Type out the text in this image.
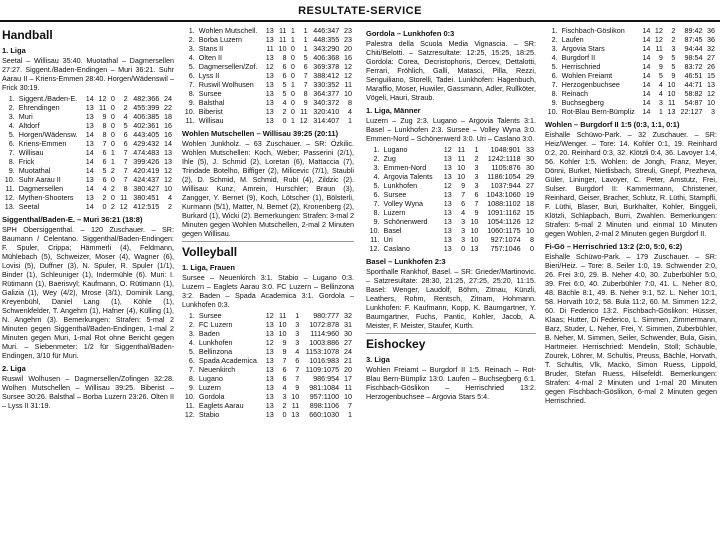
RESULTATE-SERVICE
Handball
1. Liga

Seetal – Willisau 35:40. Muotathal – Dagmersellen 27:27. Siggent./Baden-Endingen – Muri 36:21. Suhr Aarau II – Kriens-Emmen 28:40. Horgen/Wädenswil – Frick 30:19.

1.	Siggent./Baden-E.	14	12	0	2	482:366	24
2.	Ehrendingen	13	11	0	2	455:399	22
3.	Muri	13	9	0	4	406:385	18
4.	Altdorf	13	8	0	5	402:361	16
5.	Horgen/Wädensw.	14	8	0	6	443:405	16
6.	Kriens-Emmen	13	7	0	6	429:432	14
7.	Willisau	14	6	1	7	474:483	13
8.	Frick	14	6	1	7	399:426	13
9.	Muotathal	14	5	2	7	420:419	12
10.	Suhr Aarau II	13	6	0	7	424:437	12
11.	Dagmersellen	14	4	2	8	380:427	10
12.	Mythen-Shooters	13	2	0	11	380:451	4
13.	Seetal	14	0	2	12	412:515	2
Siggenthal/Baden-E. – Muri 36:21 (18:8)

SPH Obersiggenthal. – 120 Zuschauer. – SR: Baumann / Celentano. Siggenthal/Baden-Endingen: F. Spuler, Crippa; Hämmerli (4), Feldmann, Mühlebach (5), Schweizer, Moser (4), Wagner (6), Lovisi (5), Duffner (3), N. Spuler, R. Spuler (1/1), Binder (1), Schleuniger (1), Indermühle (6). Muri: I. Rütimann (1), Baerisvyl; Kaufmann, O. Rütimann (1), Galizia (1), Wey (4/2), Mrose (3/1), Dominik Lang, Kreyenbühl, Daniel Lang (1), Köhle (1), Schwenkfelder, T. Angehrn (1), Hafner (4), Külling (1), N. Angehrn (3). Bemerkungen: Strafen: 5-mal 2 Minuten gegen Siggenthal/Baden-Endingen, 1-mal 2 Minuten gegen Muri, 1-mal Rot ohne Bericht gegen Muri. – Siebenmeter: 1/2 für Siggenthal/Baden-Endingen, 3/10 für Muri.

2. Liga

Ruswil Wolhusen – Dagmersellen/Zofingen 32:28. Wolhen Mutschellen – Willisau 39:25. Biberist – Sursee 30:26. Balsthal – Borba Luzern 23:26. Olten II – Lyss II 31:19.

1.	Wohlen Mutschell.	13	11	1	1	446:347	23
2.	Borba Luzern	13	11	1	1	448:355	23
3.	Stans II	11	10	0	1	343:290	20
4.	Olten II	13	8	0	5	406:368	16
5.	Dagmersellen/Zof.	12	6	0	6	369:378	12
6.	Lyss II	13	6	0	7	388:412	12
7.	Ruswil Wolhusen	13	5	1	7	330:352	11
8.	Sursee	13	5	0	8	364:377	10
9.	Balsthal	13	4	0	9	340:372	8
10.	Biberist	13	2	0	11	320:410	4
11.	Willisau	13	0	1	12	314:407	1
Wohlen Mutschellen – Willisau 39:25 (20:11)

Wohlen Junkholz. – 63 Zuschauer. – SR: Özkilic. Wohlen Mutschellen: Koch, Weber; Passerini (2/1), Ihle (5), J. Schmid (2), Loretan (6), Mattaccia (7), Trindade Botelho, Biffiger (2), Milicevic (7/1), Staubli (2), D. Schmid, M. Schmid, Rubi (4), Zildzic (2). Willisau: Kunz, Amrein, Hurschler; Braun (3), Zangger, Y. Bernet (9), Koch, Lötscher (1), Bölsterli, Kurmann (5/1), Matter, N. Bernet (2), Kronenberg (2), Burkard (1), Wicki (2). Bemerkungen: Strafen: 3-mal 2 Minuten gegen Wohlen Mutschellen, 2-mal 2 Minuten gegen Willisau.

Volleyball
1. Liga, Frauen

Sursee – Neuenkirch 3:1. Stabio – Lugano 0:3. Luzern – Eaglets Aarau 3:0. FC Luzern – Bellinzona 3:2. Baden – Spada Academica 3:1. Gordola – Lunkhofen 0:3.

1.	Sursee	12	11	1	980:777	32
2.	FC Luzern	13	10	3	1072:878	31
3.	Baden	13	10	3	1114:960	30
4.	Lunkhofen	12	9	3	1003:886	27
5.	Bellinzona	13	9	4	1153:1078	24
6.	Spada Academica	13	7	6	1016:983	21
7.	Neuenkirch	13	6	7	1109:1075	20
8.	Lugano	13	6	7	986:954	17
9.	Luzern	13	4	9	981:1084	11
10.	Gordola	13	3	10	957:1100	10
11.	Eaglets Aarau	13	2	11	898:1106	7
12.	Stabio	13	0	13	660:1030	1
Gordola – Lunkhofen 0:3

Palestra della Scuola Media Vignascia. – SR: Chiti/Belotti. – Satzresultate: 12:25, 15:25, 18:25. Gordola: Corea, Decristophoris, Dercev, Dettalotti, Ferrari, Fröhlich, Galli, Matasci, Pilla, Rezzi, Senguiliano, Storelli, Tadei. Lunkhofen: Hagenbuch, Maraffio, Moser, Huwiler, Gassmann, Adler, Rullköter, Vögeli, Hauri, Straub.

1. Liga, Männer

Luzern – Zug 2:3. Lugano – Argovia Talents 3:1. Basel – Lunkhofen 2:3. Sursee – Volley Wyna 3:0. Emmen-Nord – Schönenwerd 3:0. Uri – Caslano 3:0.

1.	Lugano	12	11	1	1048:901	33
2.	Zug	13	11	2	1242:1118	30
3.	Emmen-Nord	13	10	3	1105:876	30
4.	Argovia Talents	13	10	3	1186:1054	29
5.	Lunkhofen	12	9	3	1037:944	27
6.	Sursee	13	7	6	1043:1060	19
7.	Volley Wyna	13	6	7	1088:1102	18
8.	Luzern	13	4	9	1091:1162	15
9.	Schönenwerd	13	3	10	1054:1126	12
10.	Basel	13	3	10	1060:1175	10
11.	Uri	13	3	10	927:1074	8
12.	Caslano	13	0	13	757:1046	0
Basel – Lunkhofen 2:3

Sporthalle Rankhof, Basel. – SR: Grieder/Martinovic. – Satzresultate: 28:30, 21:25, 27:25, 25:20, 11:15. Basel: Wenger, Laudolf, Böhm, Zitnau, Künzli, Leathers, Rohm, Rentsch, Zitnam, Hohmann. Lunkhofen: F. Kaufmann, Kopp, K. Baumgartner, Y. Baumgartner, Fuchs, Pantic, Kohler, Jacob, A. Meister, F. Meister, Staufer, Kurth.

Eishockey
3. Liga

Wohlen Freiamt – Burgdorf II 1:5. Reinach – Rot-Blau Bern-Bümpliz 13:0. Laufen – Buchsegberg 6:1. Fischbach-Göslikon – Herrischried 13:2. Herzogenbuchsee – Argovia Stars 5:4.

1.	Fischbach-Göslikon	14	12	2	89:42	36
2.	Laufen	14	12	2	87:45	36
3.	Argovia Stars	14	11	3	94:44	32
4.	Burgdorf II	14	9	5	98:54	27
5.	Herrischried	14	9	5	83:72	26
6.	Wohlen Freiamt	14	5	9	46:51	15
7.	Herzogenbuchsee	14	4	10	44:71	13
8.	Reinach	14	4	10	58:82	12
9.	Buchsegberg	14	3	11	54:87	10
10.	Rot-Blau Bern-Bümpliz	14	1	13	22:127	3
Wohlen – Burgdorf II 1:5 (0:3, 1:1, 0:1)

Eishalle Schüwo-Park. – 32 Zuschauer. – SR: Heiz/Wenger. – Tore: 14. Kohler 0:1, 19. Reinhard 0:2, 20. Reinhard 0:3, 32. Klötzli 0:4, 36. Lavoyer 1:4, 56. Kohler 1:5. Wohlen: de Jongh, Franz, Meyer, Dönni, Burket, Nietlisbach, Streuli, Gnepf, Prezheva, Güler, Lininger, Lavoyer, C. Peter, Amstutz, Frei, Sulser. Burgdorf II: Kammermann, Christener, Reinhard, Geiser, Bracher, Schlutz, R. Lüthi, Stampfli, F. Lüthi, Blaser, Buri, Burkhalter, Kohler, Binggeli, Klötzli, Schlapbach, Burri, Zwahlen. Bemerkungen: Strafen: 5-mal 2 Minuten und einmal 10 Minuten gegen Wohlen, 2-mal 2 Minuten gegen Burgdorf II.

Fi-Gö – Herrischried 13:2 (2:0, 5:0, 6:2)

Eishalle Schüwo-Park. – 179 Zuschauer. – SR: Bieri/Heiz. – Tore: 8. Seiler 1:0, 19. Schwender 2:0, 26. Frei 3:0, 29. B. Neher 4:0, 30. Zuberbühler 5:0, 39. Frei 6:0, 40. Zuberbühler 7:0, 41. L. Neher 8:0, 48. Bächle 8:1, 49. B. Neher 9:1, 52. L. Neher 10:1, 58. Horvath 10:2, 58. Bula 11:2, 60. M. Simmen 12:2, 60. Di Federico 13:2. Fischbach-Göslikon: Hüsser, Klaas; Hutter, Di Federico, L. Simmen, Zimmermann, Barz, Studer, L. Neher, Frei, Y. Simmen, Zuberbühler, B. Neher, M. Simmen, Seiler, Schwender, Bula, Gisin, Hartmeier. Herrischried: Mendelin, Stoll; Schäuble, Zourek, Löhrer, M. Schultis, Preuss, Bächle, Horvath, T. Schultis, Vlk, Macko, Simon Ruess, Lippold, Bruder, Stefan Ruess, Hilsefeldt. Bemerkungen: Strafen: 4-mal 2 Minuten und 1-mal 20 Minuten gegen Fischbach-Göslikon, 6-mal 2 Minuten gegen Herrischried.
